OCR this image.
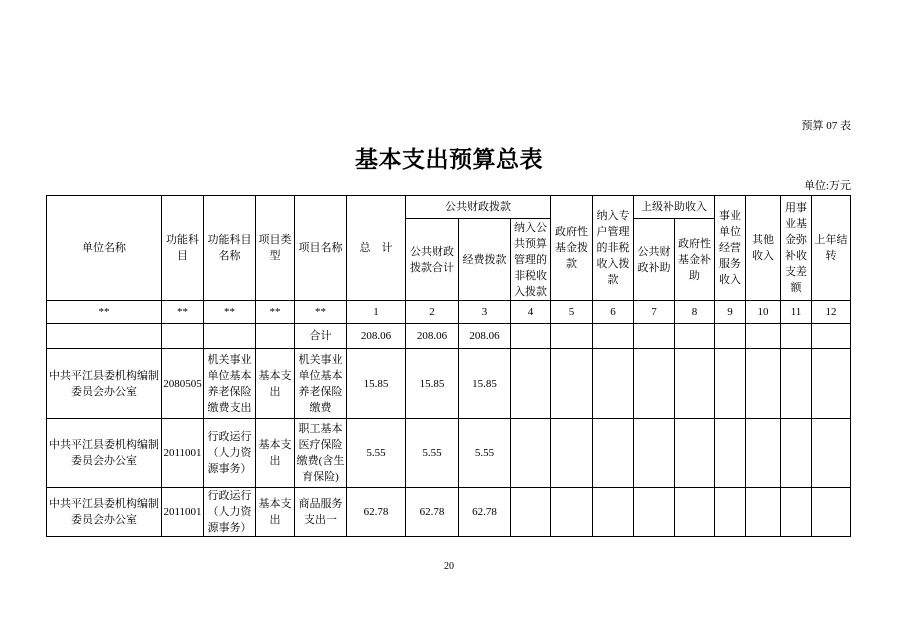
预算 07 表
基本支出预算总表
单位:万元
单位名称	功能科目	功能科目名称	项目类型	项目名称	总　计	公共财政拨款			政府性基金拨款	纳入专户管理的非税收入拨款	上级补助收入		事业单位经营服务收入	其他收入	用事业基金弥补收支差额	上年结转
						公共财政拨款合计	经费拨款	纳入公共预算管理的非税收入拨款			公共财政补助	政府性基金补助				
**	**	**	**	**	1	2	3	4	5	6	7	8	9	10	11	12
				合计	208.06	208.06	208.06									
中共平江县委机构编制委员会办公室	2080505	机关事业单位基本养老保险缴费支出	基本支出	机关事业单位基本养老保险缴费	15.85	15.85	15.85									
中共平江县委机构编制委员会办公室	2011001	行政运行（人力资源事务）	基本支出	职工基本医疗保险缴费(含生育保险)	5.55	5.55	5.55									
中共平江县委机构编制委员会办公室	2011001	行政运行（人力资源事务）	基本支出	商品服务支出一	62.78	62.78	62.78									
20
